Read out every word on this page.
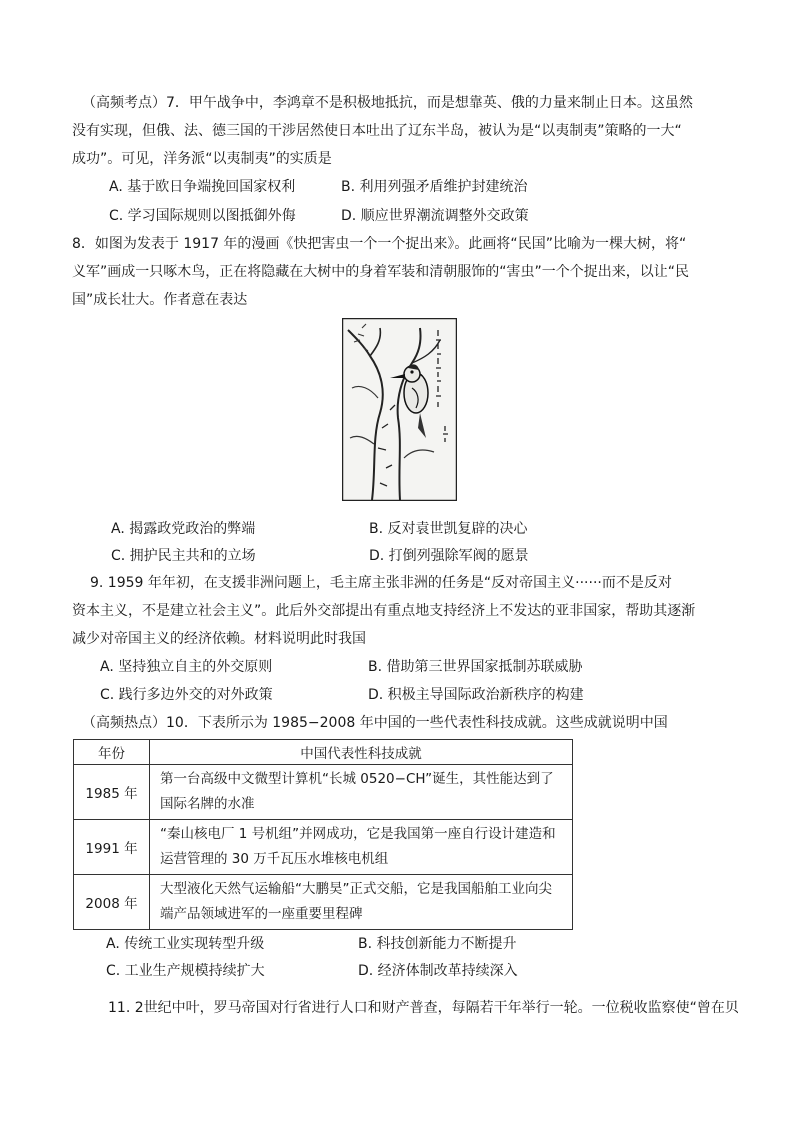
（高频考点）7．甲午战争中，李鸿章不是积极地抵抗，而是想靠英、俄的力量来制止日本。这虽然
没有实现，但俄、法、德三国的干涉居然使日本吐出了辽东半岛，被认为是“以夷制夷”策略的一大“
成功”。可见，洋务派“以夷制夷”的实质是
A. 基于欧日争端挽回国家权利	B. 利用列强矛盾维护封建统治
C. 学习国际规则以图抵御外侮	D. 顺应世界潮流调整外交政策
8．如图为发表于 1917 年的漫画《快把害虫一个一个捉出来》。此画将“民国”比喻为一棵大树，将“
义军”画成一只啄木鸟，正在将隐藏在大树中的身着军装和清朝服饰的“害虫”一个个捉出来，以让“民
国”成长壮大。作者意在表达
A. 揭露政党政治的弊端	B. 反对袁世凯复辟的决心
C. 拥护民主共和的立场	D. 打倒列强除军阀的愿景
9. 1959 年年初，在支援非洲问题上，毛主席主张非洲的任务是“反对帝国主义······而不是反对
资本主义，不是建立社会主义”。此后外交部提出有重点地支持经济上不发达的亚非国家，帮助其逐渐
减少对帝国主义的经济依赖。材料说明此时我国
A. 坚持独立自主的外交原则	B. 借助第三世界国家抵制苏联威胁
C. 践行多边外交的对外政策	D. 积极主导国际政治新秩序的构建
（高频热点）10．下表所示为 1985−2008 年中国的一些代表性科技成就。这些成就说明中国
年份	中国代表性科技成就
1985 年	第一台高级中文微型计算机“长城 0520−CH”诞生，其性能达到了国际名牌的水准
1991 年	“秦山核电厂 1 号机组”并网成功，它是我国第一座自行设计建造和运营管理的 30 万千瓦压水堆核电机组
2008 年	大型液化天然气运输船“大鹏昊”正式交船，它是我国船舶工业向尖端产品领域进军的一座重要里程碑
A. 传统工业实现转型升级	B. 科技创新能力不断提升
C. 工业生产规模持续扩大	D. 经济体制改革持续深入
11. 2世纪中叶，罗马帝国对行省进行人口和财产普查，每隔若干年举行一轮。一位税收监察使“曾在贝
